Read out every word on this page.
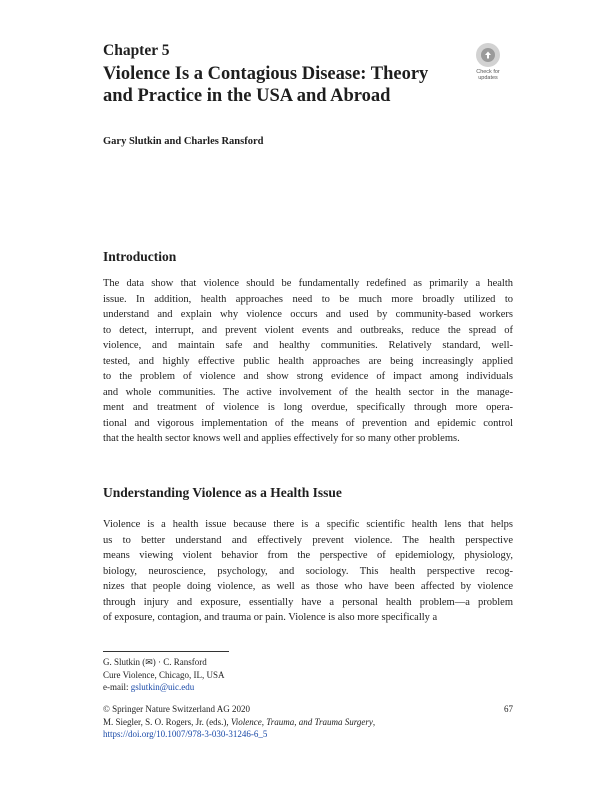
Chapter 5
Violence Is a Contagious Disease: Theory
and Practice in the USA and Abroad
Check for
updates
Gary Slutkin and Charles Ransford
Introduction
The data show that violence should be fundamentally redefined as primarily a health
issue. In addition, health approaches need to be much more broadly utilized to
understand and explain why violence occurs and used by community-based workers
to detect, interrupt, and prevent violent events and outbreaks, reduce the spread of
violence, and maintain safe and healthy communities. Relatively standard, well-
tested, and highly effective public health approaches are being increasingly applied
to the problem of violence and show strong evidence of impact among individuals
and whole communities. The active involvement of the health sector in the manage-
ment and treatment of violence is long overdue, specifically through more opera-
tional and vigorous implementation of the means of prevention and epidemic control
that the health sector knows well and applies effectively for so many other problems.
Understanding Violence as a Health Issue
Violence is a health issue because there is a specific scientific health lens that helps
us to better understand and effectively prevent violence. The health perspective
means viewing violent behavior from the perspective of epidemiology, physiology,
biology, neuroscience, psychology, and sociology. This health perspective recog-
nizes that people doing violence, as well as those who have been affected by violence
through injury and exposure, essentially have a personal health problem—a problem
of exposure, contagion, and trauma or pain. Violence is also more specifically a
G. Slutkin (✉) · C. Ransford
Cure Violence, Chicago, IL, USA
e-mail: gslutkin@uic.edu
© Springer Nature Switzerland AG 2020	67
M. Siegler, S. O. Rogers, Jr. (eds.), Violence, Trauma, and Trauma Surgery,
https://doi.org/10.1007/978-3-030-31246-6_5
